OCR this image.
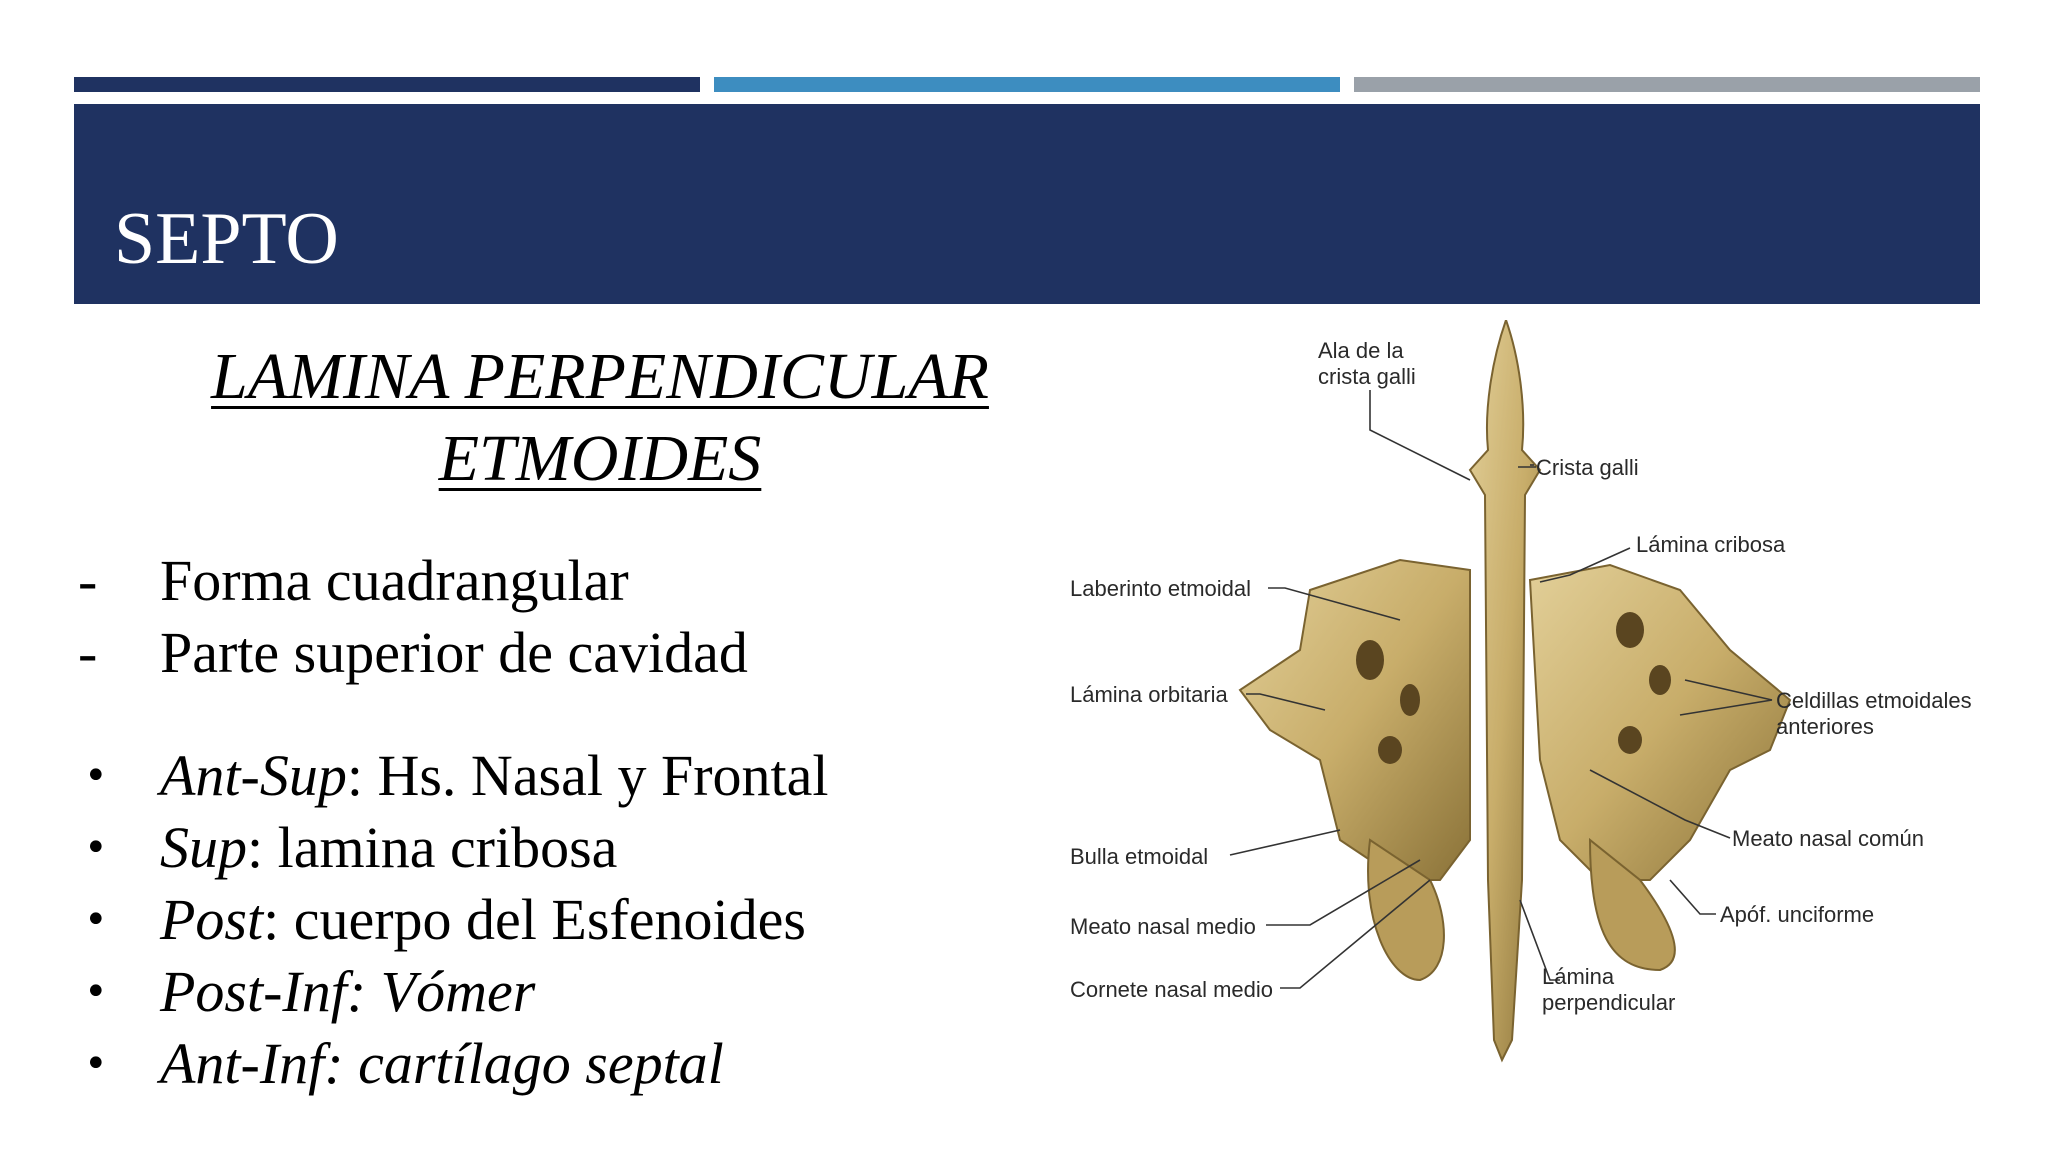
SEPTO
LAMINA PERPENDICULAR
ETMOIDES
-	Forma cuadrangular
-	Parte superior de cavidad
• Ant-Sup: Hs. Nasal y Frontal
• Sup: lamina cribosa
• Post: cuerpo del Esfenoides
• Post-Inf: Vómer
• Ant-Inf: cartílago septal
Ala de la crista galli
Crista galli
Lámina cribosa
Laberinto etmoidal
Lámina orbitaria	Celdillas etmoidales anteriores
Bulla etmoidal
Meato nasal común
Meato nasal medio	Apóf. unciforme
Cornete nasal medio
Lámina perpendicular
